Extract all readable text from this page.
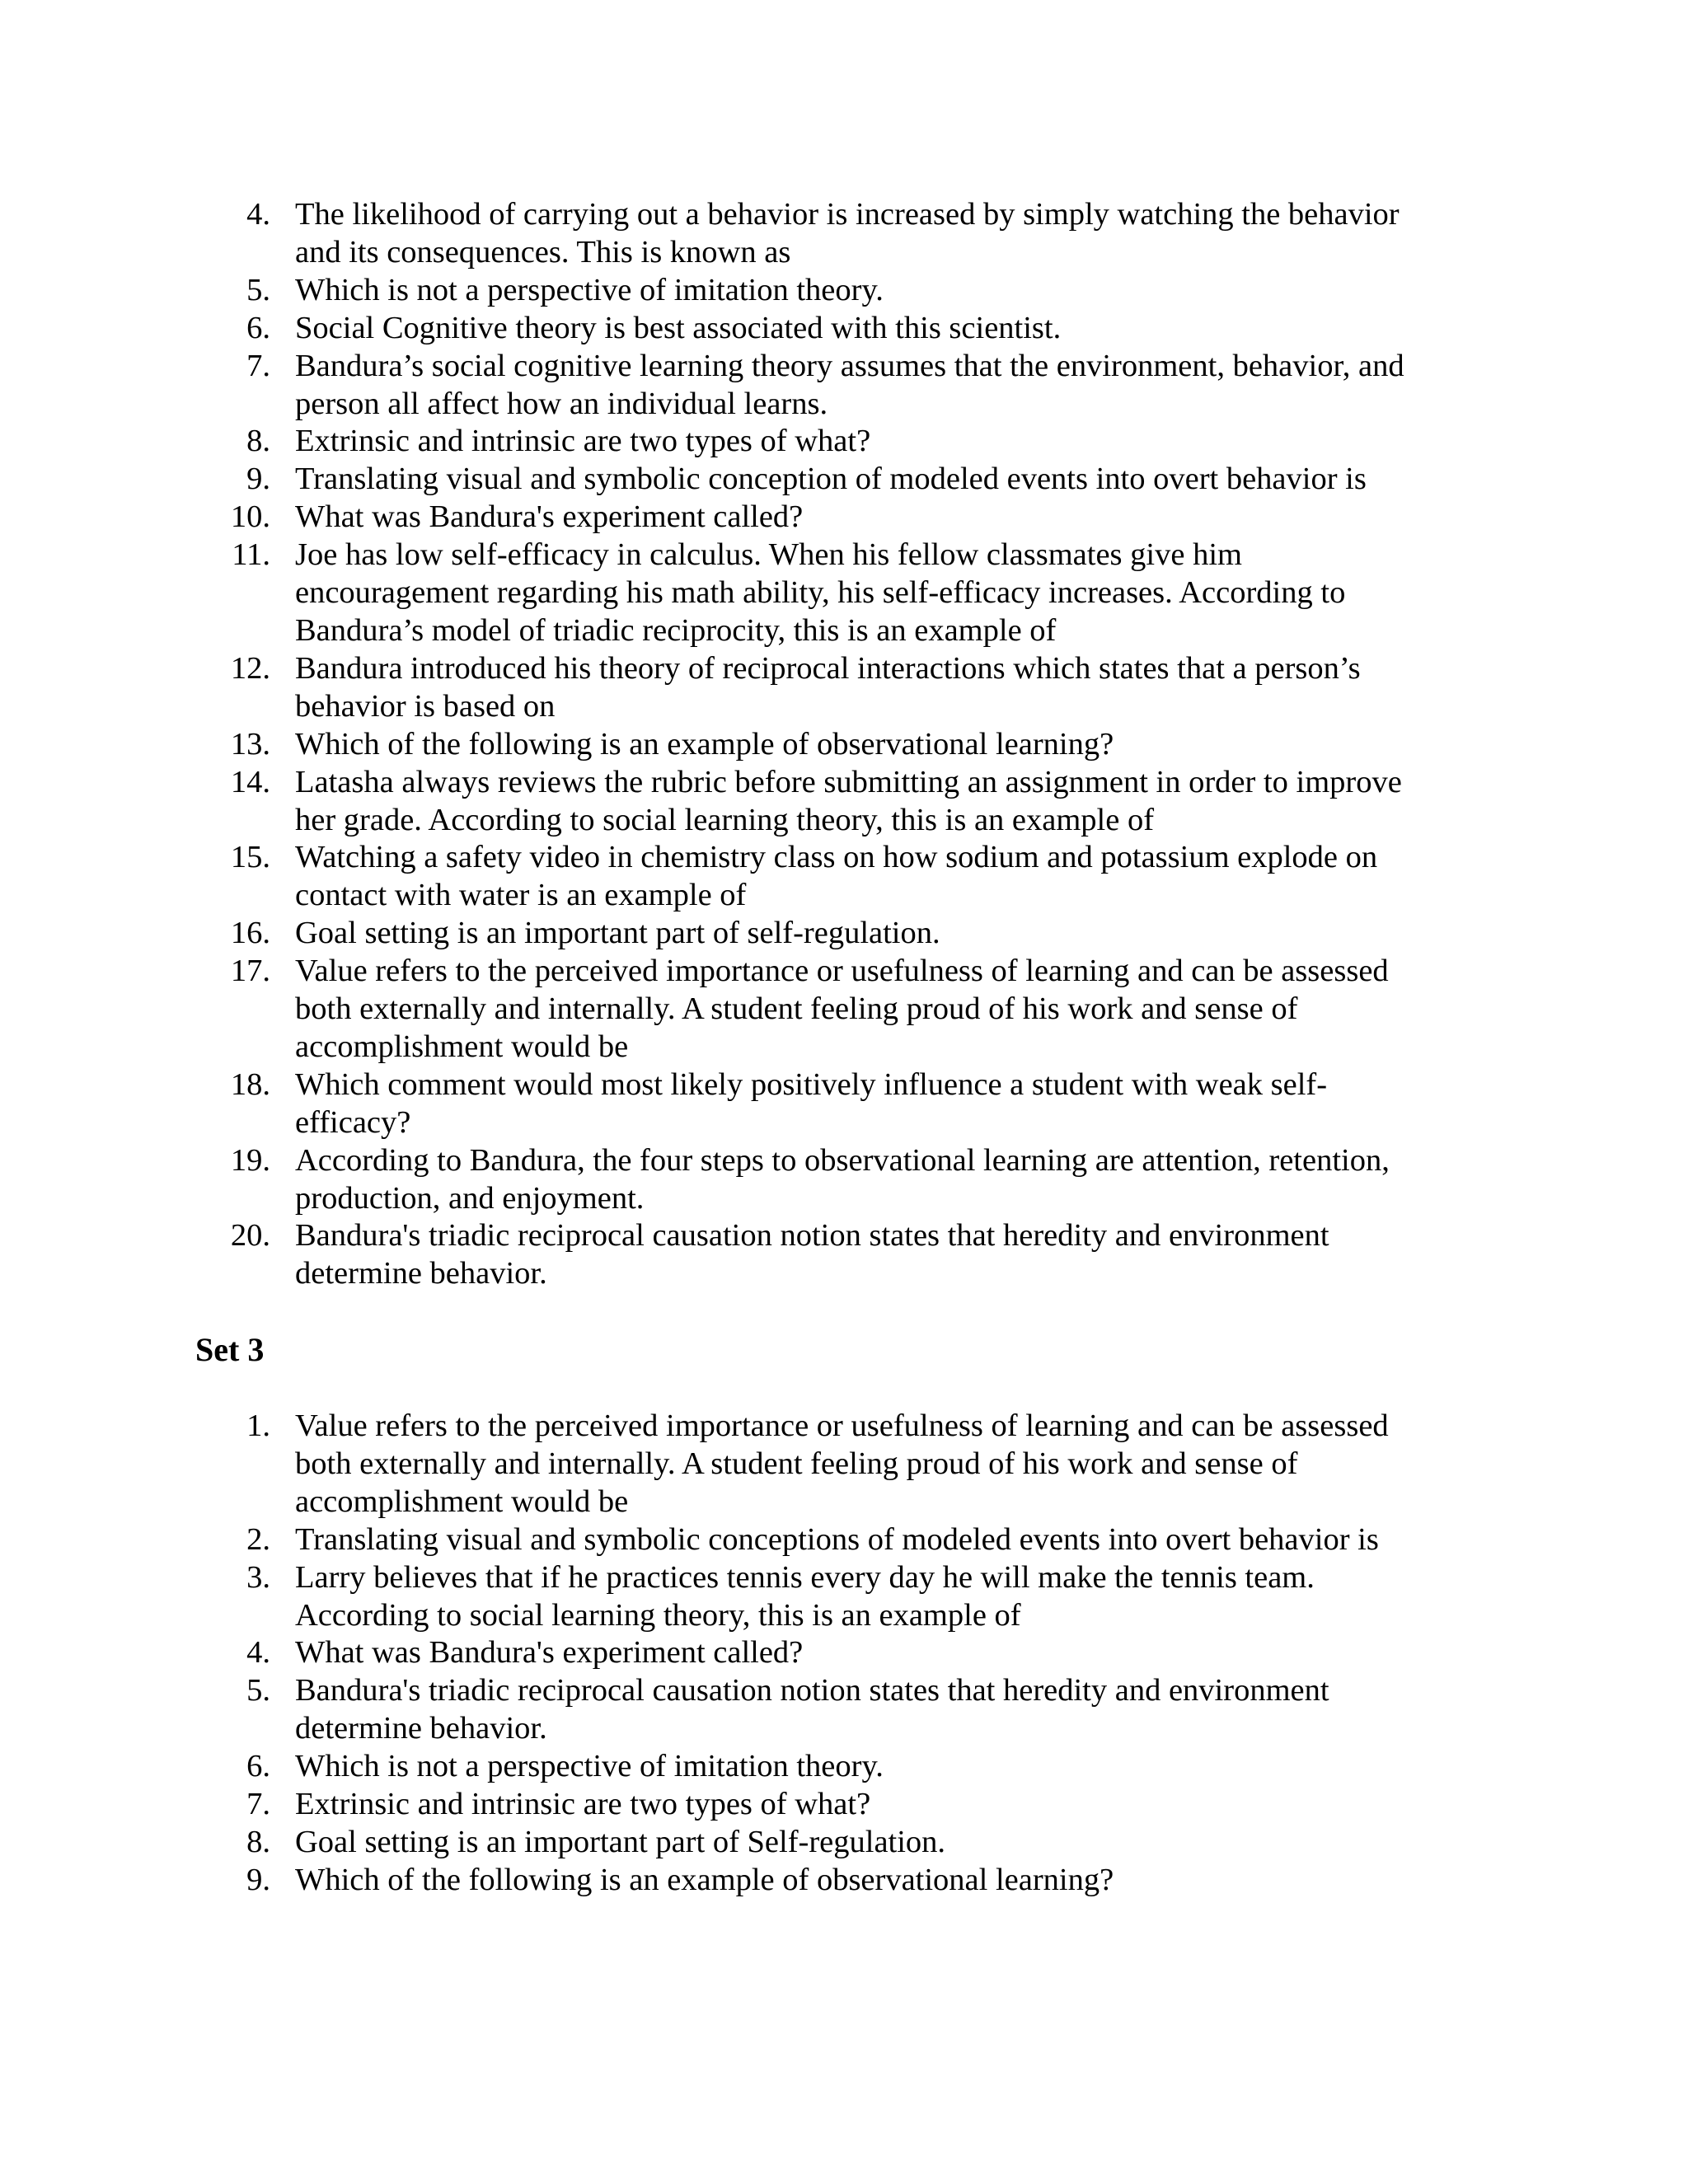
4. The likelihood of carrying out a behavior is increased by simply watching the behavior
and its consequences. This is known as
5. Which is not a perspective of imitation theory.
6. Social Cognitive theory is best associated with this scientist.
7. Bandura’s social cognitive learning theory assumes that the environment, behavior, and
person all affect how an individual learns.
8. Extrinsic and intrinsic are two types of what?
9. Translating visual and symbolic conception of modeled events into overt behavior is
10. What was Bandura's experiment called?
11. Joe has low self-efficacy in calculus. When his fellow classmates give him
encouragement regarding his math ability, his self-efficacy increases. According to
Bandura’s model of triadic reciprocity, this is an example of
12. Bandura introduced his theory of reciprocal interactions which states that a person’s
behavior is based on
13. Which of the following is an example of observational learning?
14. Latasha always reviews the rubric before submitting an assignment in order to improve
her grade. According to social learning theory, this is an example of
15. Watching a safety video in chemistry class on how sodium and potassium explode on
contact with water is an example of
16. Goal setting is an important part of self-regulation.
17. Value refers to the perceived importance or usefulness of learning and can be assessed
both externally and internally. A student feeling proud of his work and sense of
accomplishment would be
18. Which comment would most likely positively influence a student with weak self-
efficacy?
19. According to Bandura, the four steps to observational learning are attention, retention,
production, and enjoyment.
20. Bandura's triadic reciprocal causation notion states that heredity and environment
determine behavior.
Set 3
1. Value refers to the perceived importance or usefulness of learning and can be assessed
both externally and internally. A student feeling proud of his work and sense of
accomplishment would be
2. Translating visual and symbolic conceptions of modeled events into overt behavior is
3. Larry believes that if he practices tennis every day he will make the tennis team.
According to social learning theory, this is an example of
4. What was Bandura's experiment called?
5. Bandura's triadic reciprocal causation notion states that heredity and environment
determine behavior.
6. Which is not a perspective of imitation theory.
7. Extrinsic and intrinsic are two types of what?
8. Goal setting is an important part of Self-regulation.
9. Which of the following is an example of observational learning?
